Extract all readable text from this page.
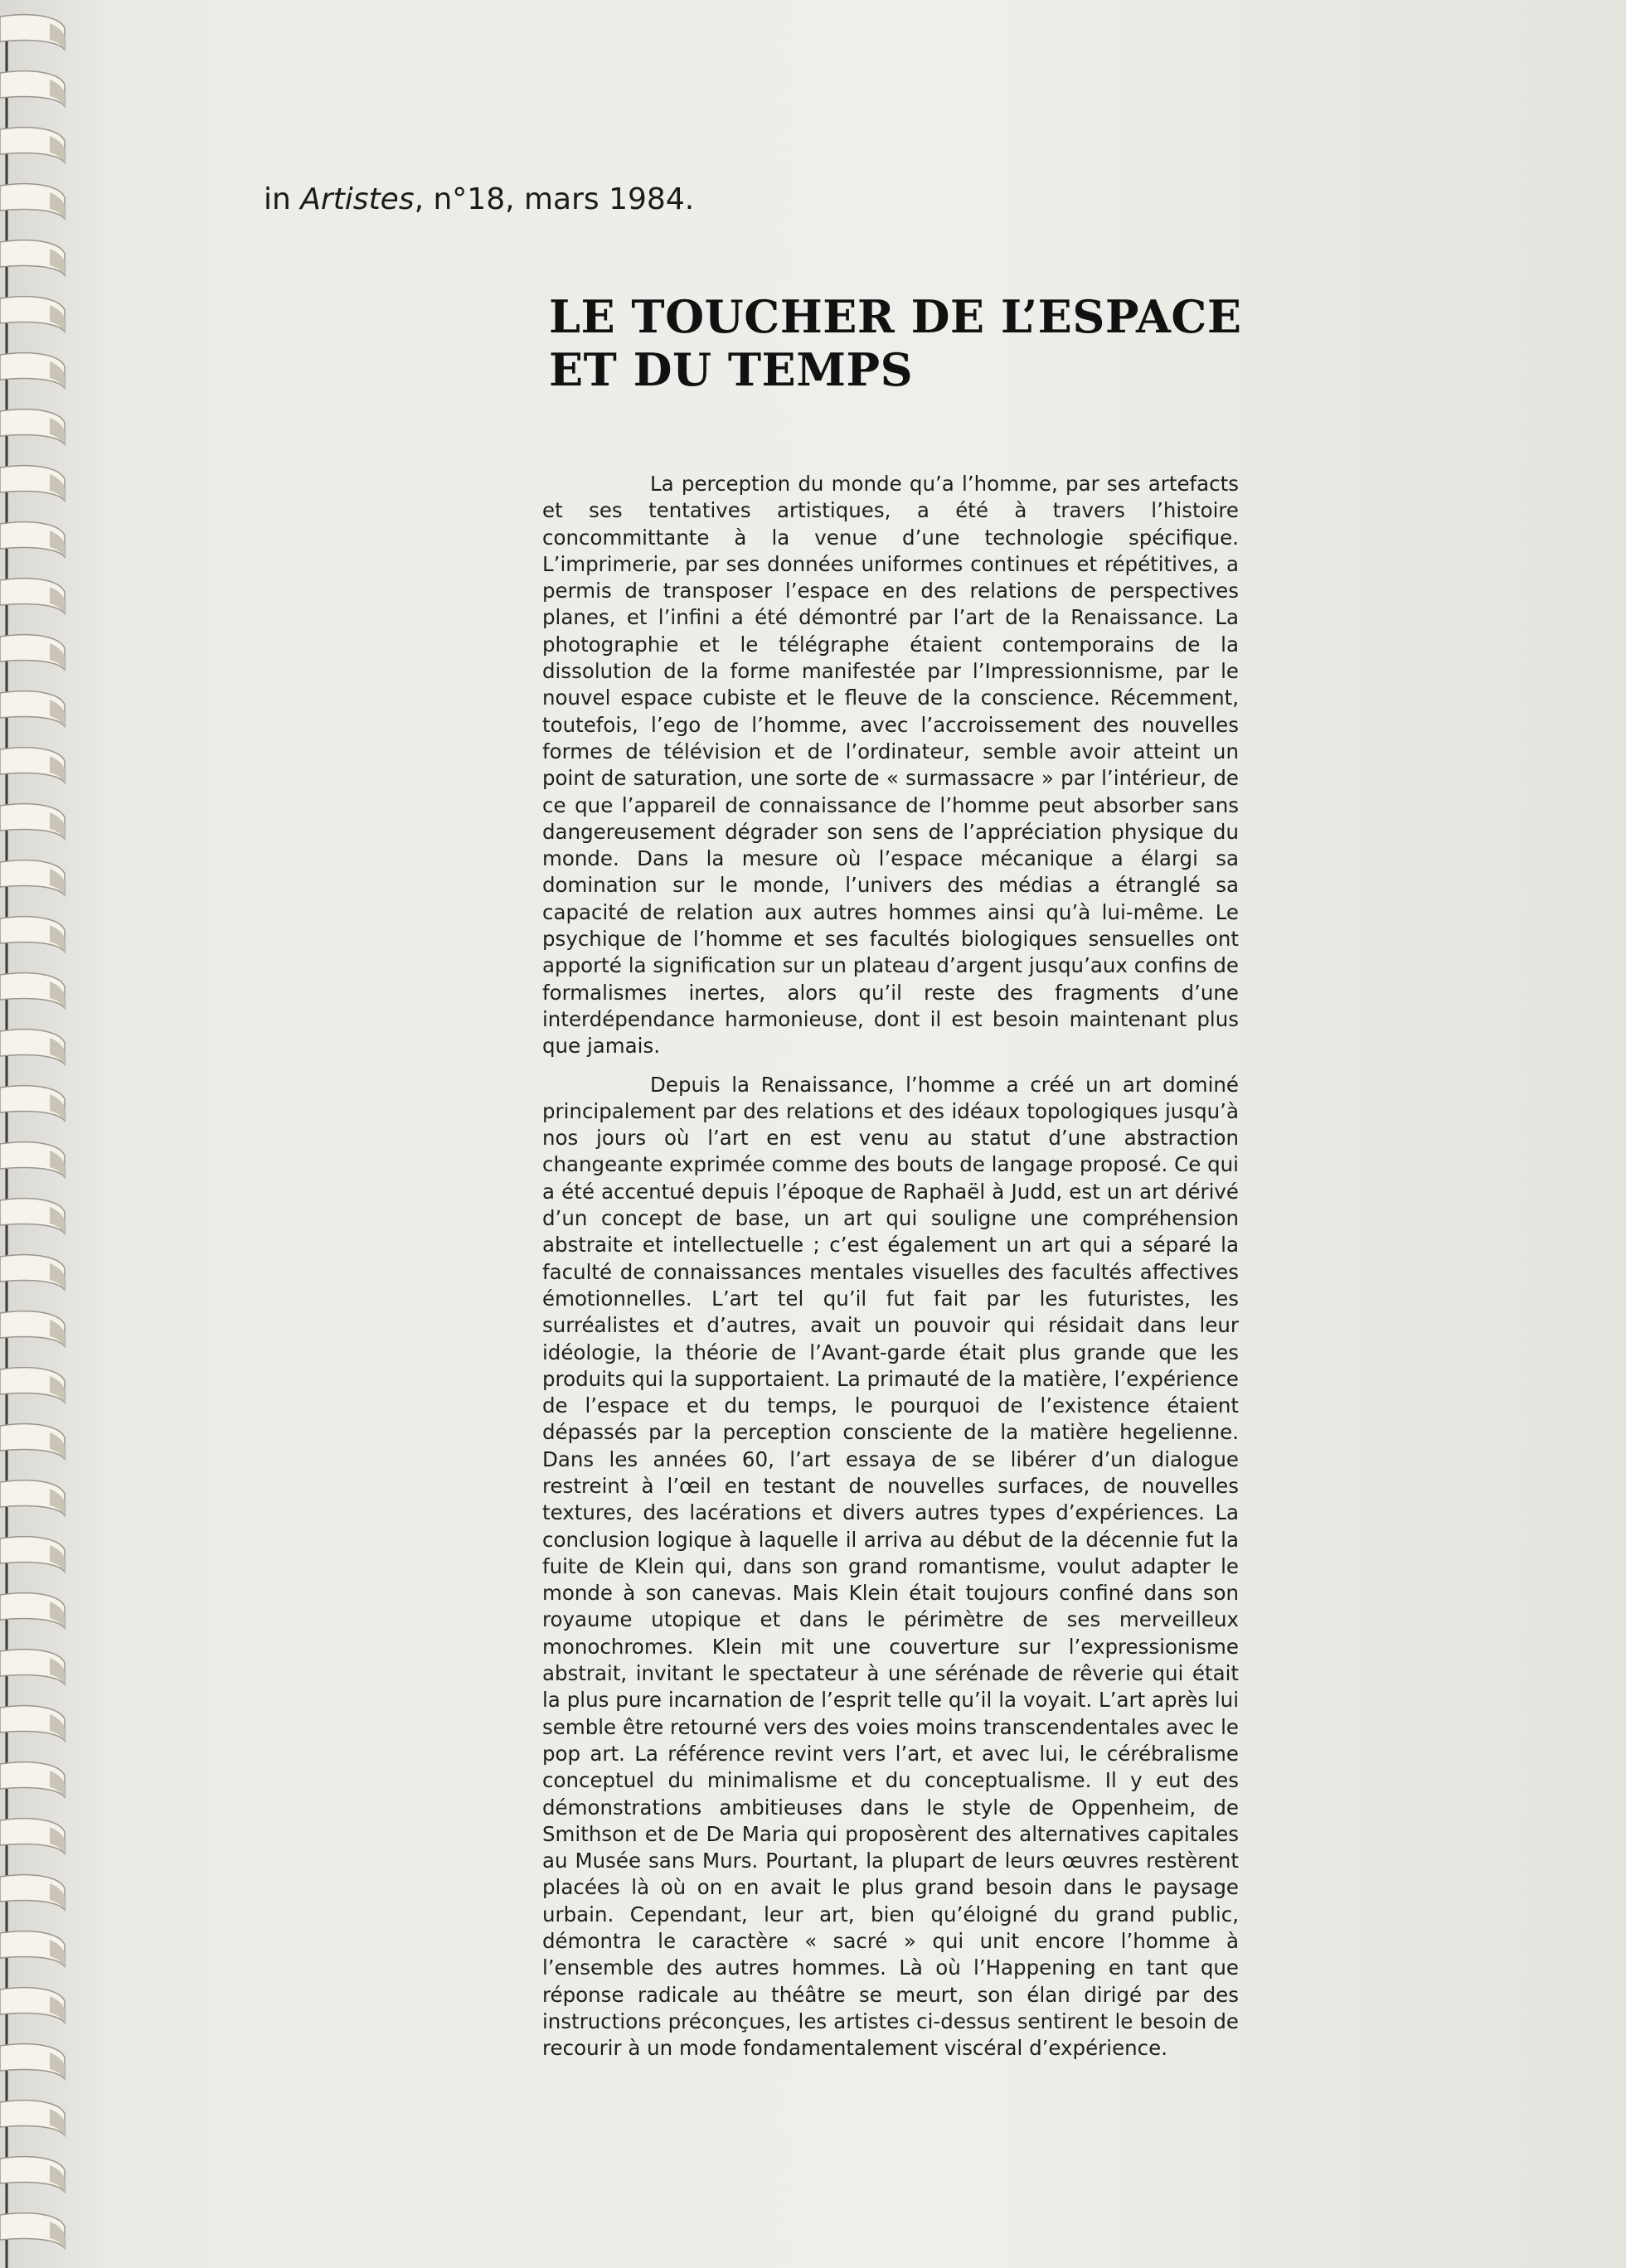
in Artistes, n°18, mars 1984.
LE TOUCHER DE L’ESPACE
ET DU TEMPS

La perception du monde qu’a l’homme, par ses artefacts et ses tentatives artistiques, a été à travers l’histoire concommittante à la venue d’une technologie spécifique. L’imprimerie, par ses données uniformes continues et répétitives, a permis de transposer l’espace en des relations de perspectives planes, et l’infini a été démontré par l’art de la Renaissance. La photographie et le télégraphe étaient contemporains de la dissolution de la forme manifestée par l’Impressionnisme, par le nouvel espace cubiste et le fleuve de la conscience. Récemment, toutefois, l’ego de l’homme, avec l’accroissement des nouvelles formes de télévision et de l’ordinateur, semble avoir atteint un point de saturation, une sorte de « surmassacre » par l’intérieur, de ce que l’appareil de connaissance de l’homme peut absorber sans dangereusement dégrader son sens de l’appréciation physique du monde. Dans la mesure où l’espace mécanique a élargi sa domination sur le monde, l’univers des médias a étranglé sa capacité de relation aux autres hommes ainsi qu’à lui-même. Le psychique de l’homme et ses facultés biologiques sensuelles ont apporté la signification sur un plateau d’argent jusqu’aux confins de formalismes inertes, alors qu’il reste des fragments d’une interdépendance harmonieuse, dont il est besoin maintenant plus que jamais.

Depuis la Renaissance, l’homme a créé un art dominé principalement par des relations et des idéaux topologiques jusqu’à nos jours où l’art en est venu au statut d’une abstraction changeante exprimée comme des bouts de langage proposé. Ce qui a été accentué depuis l’époque de Raphaël à Judd, est un art dérivé d’un concept de base, un art qui souligne une compréhension abstraite et intellectuelle ; c’est également un art qui a séparé la faculté de connaissances mentales visuelles des facultés affectives émotionnelles. L’art tel qu’il fut fait par les futuristes, les surréalistes et d’autres, avait un pouvoir qui résidait dans leur idéologie, la théorie de l’Avant-garde était plus grande que les produits qui la supportaient. La primauté de la matière, l’expérience de l’espace et du temps, le pourquoi de l’existence étaient dépassés par la perception consciente de la matière hegelienne. Dans les années 60, l’art essaya de se libérer d’un dialogue restreint à l’œil en testant de nouvelles surfaces, de nouvelles textures, des lacérations et divers autres types d’expériences. La conclusion logique à laquelle il arriva au début de la décennie fut la fuite de Klein qui, dans son grand romantisme, voulut adapter le monde à son canevas. Mais Klein était toujours confiné dans son royaume utopique et dans le périmètre de ses merveilleux monochromes. Klein mit une couverture sur l’expressionisme abstrait, invitant le spectateur à une sérénade de rêverie qui était la plus pure incarnation de l’esprit telle qu’il la voyait. L’art après lui semble être retourné vers des voies moins transcendentales avec le pop art. La référence revint vers l’art, et avec lui, le cérébralisme conceptuel du minimalisme et du conceptualisme. Il y eut des démonstrations ambitieuses dans le style de Oppenheim, de Smithson et de De Maria qui proposèrent des alternatives capitales au Musée sans Murs. Pourtant, la plupart de leurs œuvres restèrent placées là où on en avait le plus grand besoin dans le paysage urbain. Cependant, leur art, bien qu’éloigné du grand public, démontra le caractère « sacré » qui unit encore l’homme à l’ensemble des autres hommes. Là où l’Happening en tant que réponse radicale au théâtre se meurt, son élan dirigé par des instructions préconçues, les artistes ci-dessus sentirent le besoin de recourir à un mode fondamentalement viscéral d’expérience.
